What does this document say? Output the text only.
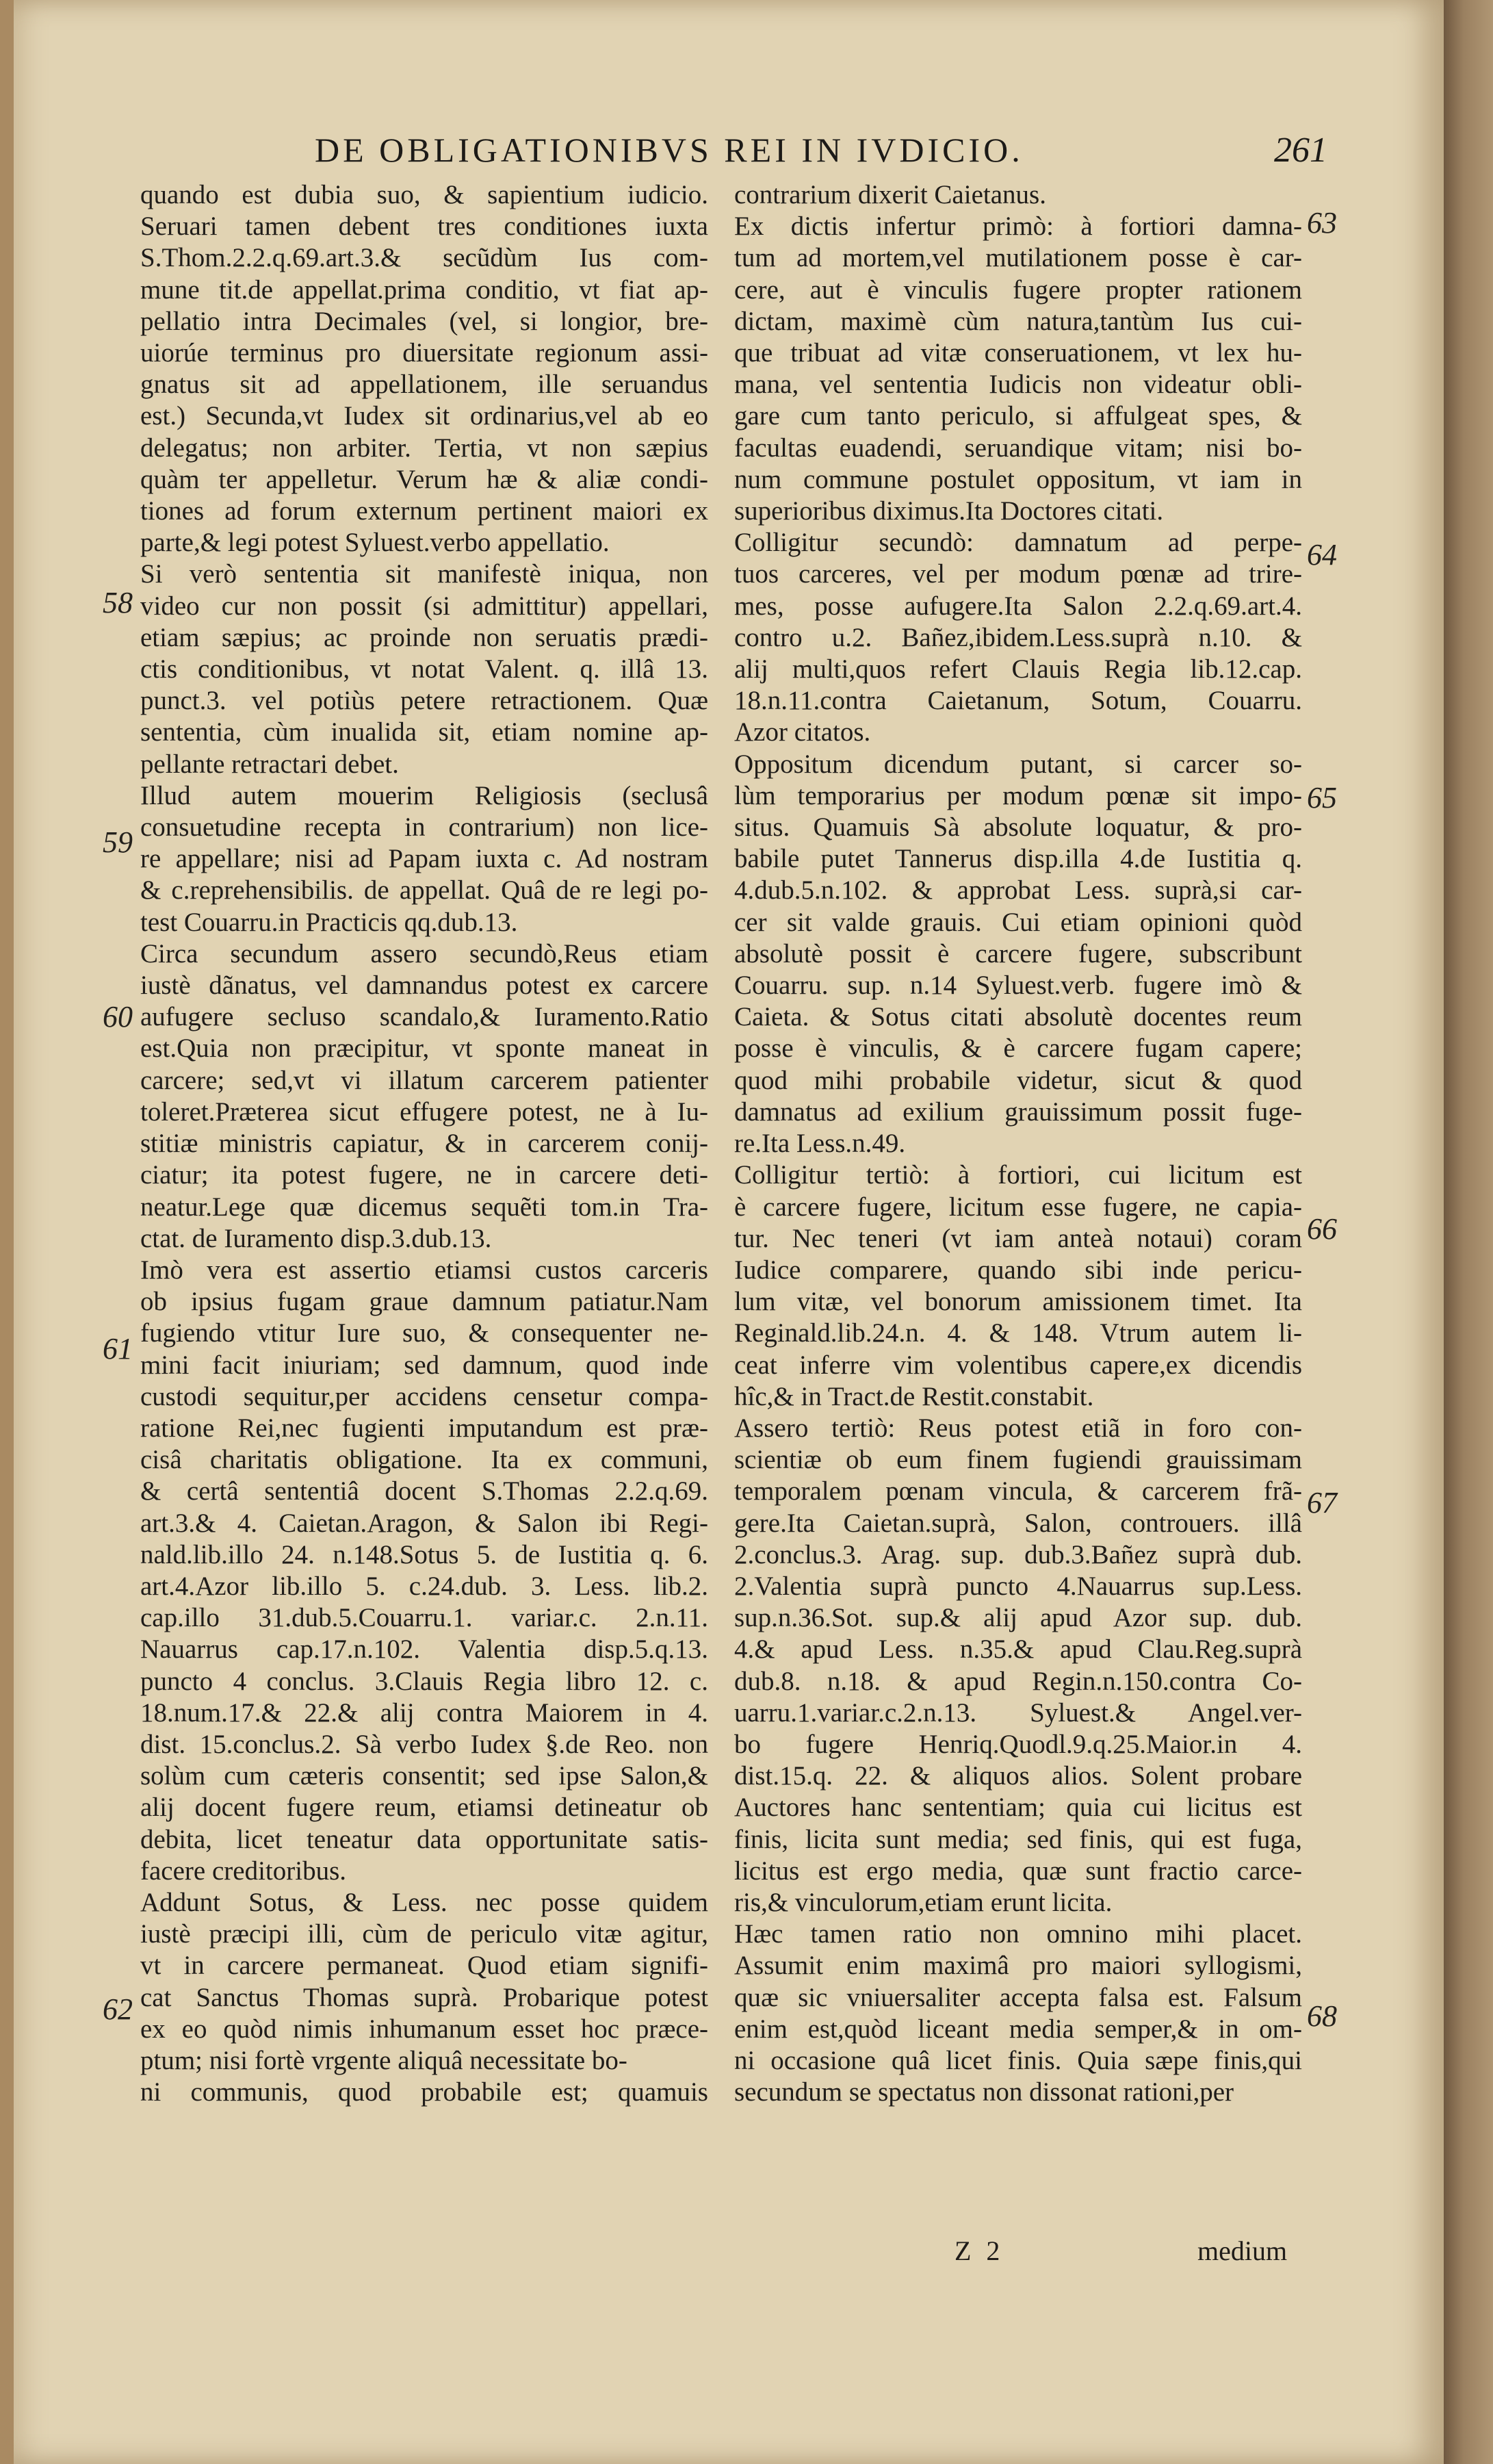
DE OBLIGATIONIBVS REI IN IVDICIO.	261
quando est dubia suo, & sapientium iudicio.
Seruari tamen debent tres conditiones iuxta
S.Thom.2.2.q.69.art.3.& secũdùm Ius com-
mune tit.de appellat.prima conditio, vt fiat ap-
pellatio intra Decimales (vel, si longior, bre-
uiorúe terminus pro diuersitate regionum assi-
gnatus sit ad appellationem, ille seruandus
est.) Secunda,vt Iudex sit ordinarius,vel ab eo
delegatus; non arbiter. Tertia, vt non sæpius
quàm ter appelletur. Verum hæ & aliæ condi-
tiones ad forum externum pertinent maiori ex
parte,& legi potest Syluest.verbo appellatio.
Si verò sententia sit manifestè iniqua, non
video cur non possit (si admittitur) appellari,
etiam sæpius; ac proinde non seruatis prædi-
ctis conditionibus, vt notat Valent. q. illâ 13.
punct.3. vel potiùs petere retractionem. Quæ
sententia, cùm inualida sit, etiam nomine ap-
pellante retractari debet.
Illud autem mouerim Religiosis (seclusâ
consuetudine recepta in contrarium) non lice-
re appellare; nisi ad Papam iuxta c. Ad nostram
& c.reprehensibilis. de appellat. Quâ de re legi po-
test Couarru.in Practicis qq.dub.13.
Circa secundum assero secundò,Reus etiam
iustè dãnatus, vel damnandus potest ex carcere
aufugere secluso scandalo,& Iuramento.Ratio
est.Quia non præcipitur, vt sponte maneat in
carcere; sed,vt vi illatum carcerem patienter
toleret.Præterea sicut effugere potest, ne à Iu-
stitiæ ministris capiatur, & in carcerem conij-
ciatur; ita potest fugere, ne in carcere deti-
neatur.Lege quæ dicemus sequẽti tom.in Tra-
ctat. de Iuramento disp.3.dub.13.
Imò vera est assertio etiamsi custos carceris
ob ipsius fugam graue damnum patiatur.Nam
fugiendo vtitur Iure suo, & consequenter ne-
mini facit iniuriam; sed damnum, quod inde
custodi sequitur,per accidens censetur compa-
ratione Rei,nec fugienti imputandum est præ-
cisâ charitatis obligatione. Ita ex communi,
& certâ sententiâ docent S.Thomas 2.2.q.69.
art.3.& 4. Caietan.Aragon, & Salon ibi Regi-
nald.lib.illo 24. n.148.Sotus 5. de Iustitia q. 6.
art.4.Azor lib.illo 5. c.24.dub. 3. Less. lib.2.
cap.illo 31.dub.5.Couarru.1. variar.c. 2.n.11.
Nauarrus cap.17.n.102. Valentia disp.5.q.13.
puncto 4 conclus. 3.Clauis Regia libro 12. c.
18.num.17.& 22.& alij contra Maiorem in 4.
dist. 15.conclus.2. Sà verbo Iudex §.de Reo. non
solùm cum cæteris consentit; sed ipse Salon,&
alij docent fugere reum, etiamsi detineatur ob
debita, licet teneatur data opportunitate satis-
facere creditoribus.
Addunt Sotus, & Less. nec posse quidem
iustè præcipi illi, cùm de periculo vitæ agitur,
vt in carcere permaneat. Quod etiam signifi-
cat Sanctus Thomas suprà. Probarique potest
ex eo quòd nimis inhumanum esset hoc præce-
ptum; nisi fortè vrgente aliquâ necessitate bo-
ni communis, quod probabile est; quamuis
contrarium dixerit Caietanus.
Ex dictis infertur primò: à fortiori damna-
tum ad mortem,vel mutilationem posse è car-
cere, aut è vinculis fugere propter rationem
dictam, maximè cùm natura,tantùm Ius cui-
que tribuat ad vitæ conseruationem, vt lex hu-
mana, vel sententia Iudicis non videatur obli-
gare cum tanto periculo, si affulgeat spes, &
facultas euadendi, seruandique vitam; nisi bo-
num commune postulet oppositum, vt iam in
superioribus diximus.Ita Doctores citati.
Colligitur secundò: damnatum ad perpe-
tuos carceres, vel per modum pœnæ ad trire-
mes, posse aufugere.Ita Salon 2.2.q.69.art.4.
contro u.2. Bañez,ibidem.Less.suprà n.10. &
alij multi,quos refert Clauis Regia lib.12.cap.
18.n.11.contra Caietanum, Sotum, Couarru.
Azor citatos.
Oppositum dicendum putant, si carcer so-
lùm temporarius per modum pœnæ sit impo-
situs. Quamuis Sà absolute loquatur, & pro-
babile putet Tannerus disp.illa 4.de Iustitia q.
4.dub.5.n.102. & approbat Less. suprà,si car-
cer sit valde grauis. Cui etiam opinioni quòd
absolutè possit è carcere fugere, subscribunt
Couarru. sup. n.14 Syluest.verb. fugere imò &
Caieta. & Sotus citati absolutè docentes reum
posse è vinculis, & è carcere fugam capere;
quod mihi probabile videtur, sicut & quod
damnatus ad exilium grauissimum possit fuge-
re.Ita Less.n.49.
Colligitur tertiò: à fortiori, cui licitum est
è carcere fugere, licitum esse fugere, ne capia-
tur. Nec teneri (vt iam anteà notaui) coram
Iudice comparere, quando sibi inde pericu-
lum vitæ, vel bonorum amissionem timet. Ita
Reginald.lib.24.n. 4. & 148. Vtrum autem li-
ceat inferre vim volentibus capere,ex dicendis
hîc,& in Tract.de Restit.constabit.
Assero tertiò: Reus potest etiã in foro con-
scientiæ ob eum finem fugiendi grauissimam
temporalem pœnam vincula, & carcerem frã-
gere.Ita Caietan.suprà, Salon, controuers. illâ
2.conclus.3. Arag. sup. dub.3.Bañez suprà dub.
2.Valentia suprà puncto 4.Nauarrus sup.Less.
sup.n.36.Sot. sup.& alij apud Azor sup. dub.
4.& apud Less. n.35.& apud Clau.Reg.suprà
dub.8. n.18. & apud Regin.n.150.contra Co-
uarru.1.variar.c.2.n.13. Syluest.& Angel.ver-
bo fugere Henriq.Quodl.9.q.25.Maior.in 4.
dist.15.q. 22. & aliquos alios. Solent probare
Auctores hanc sententiam; quia cui licitus est
finis, licita sunt media; sed finis, qui est fuga,
licitus est ergo media, quæ sunt fractio carce-
ris,& vinculorum,etiam erunt licita.
Hæc tamen ratio non omnino mihi placet.
Assumit enim maximâ pro maiori syllogismi,
quæ sic vniuersaliter accepta falsa est. Falsum
enim est,quòd liceant media semper,& in om-
ni occasione quâ licet finis. Quia sæpe finis,qui
secundum se spectatus non dissonat rationi,per
58
59
60
61
62
63
64
65
66
67
68
Z 2	medium
